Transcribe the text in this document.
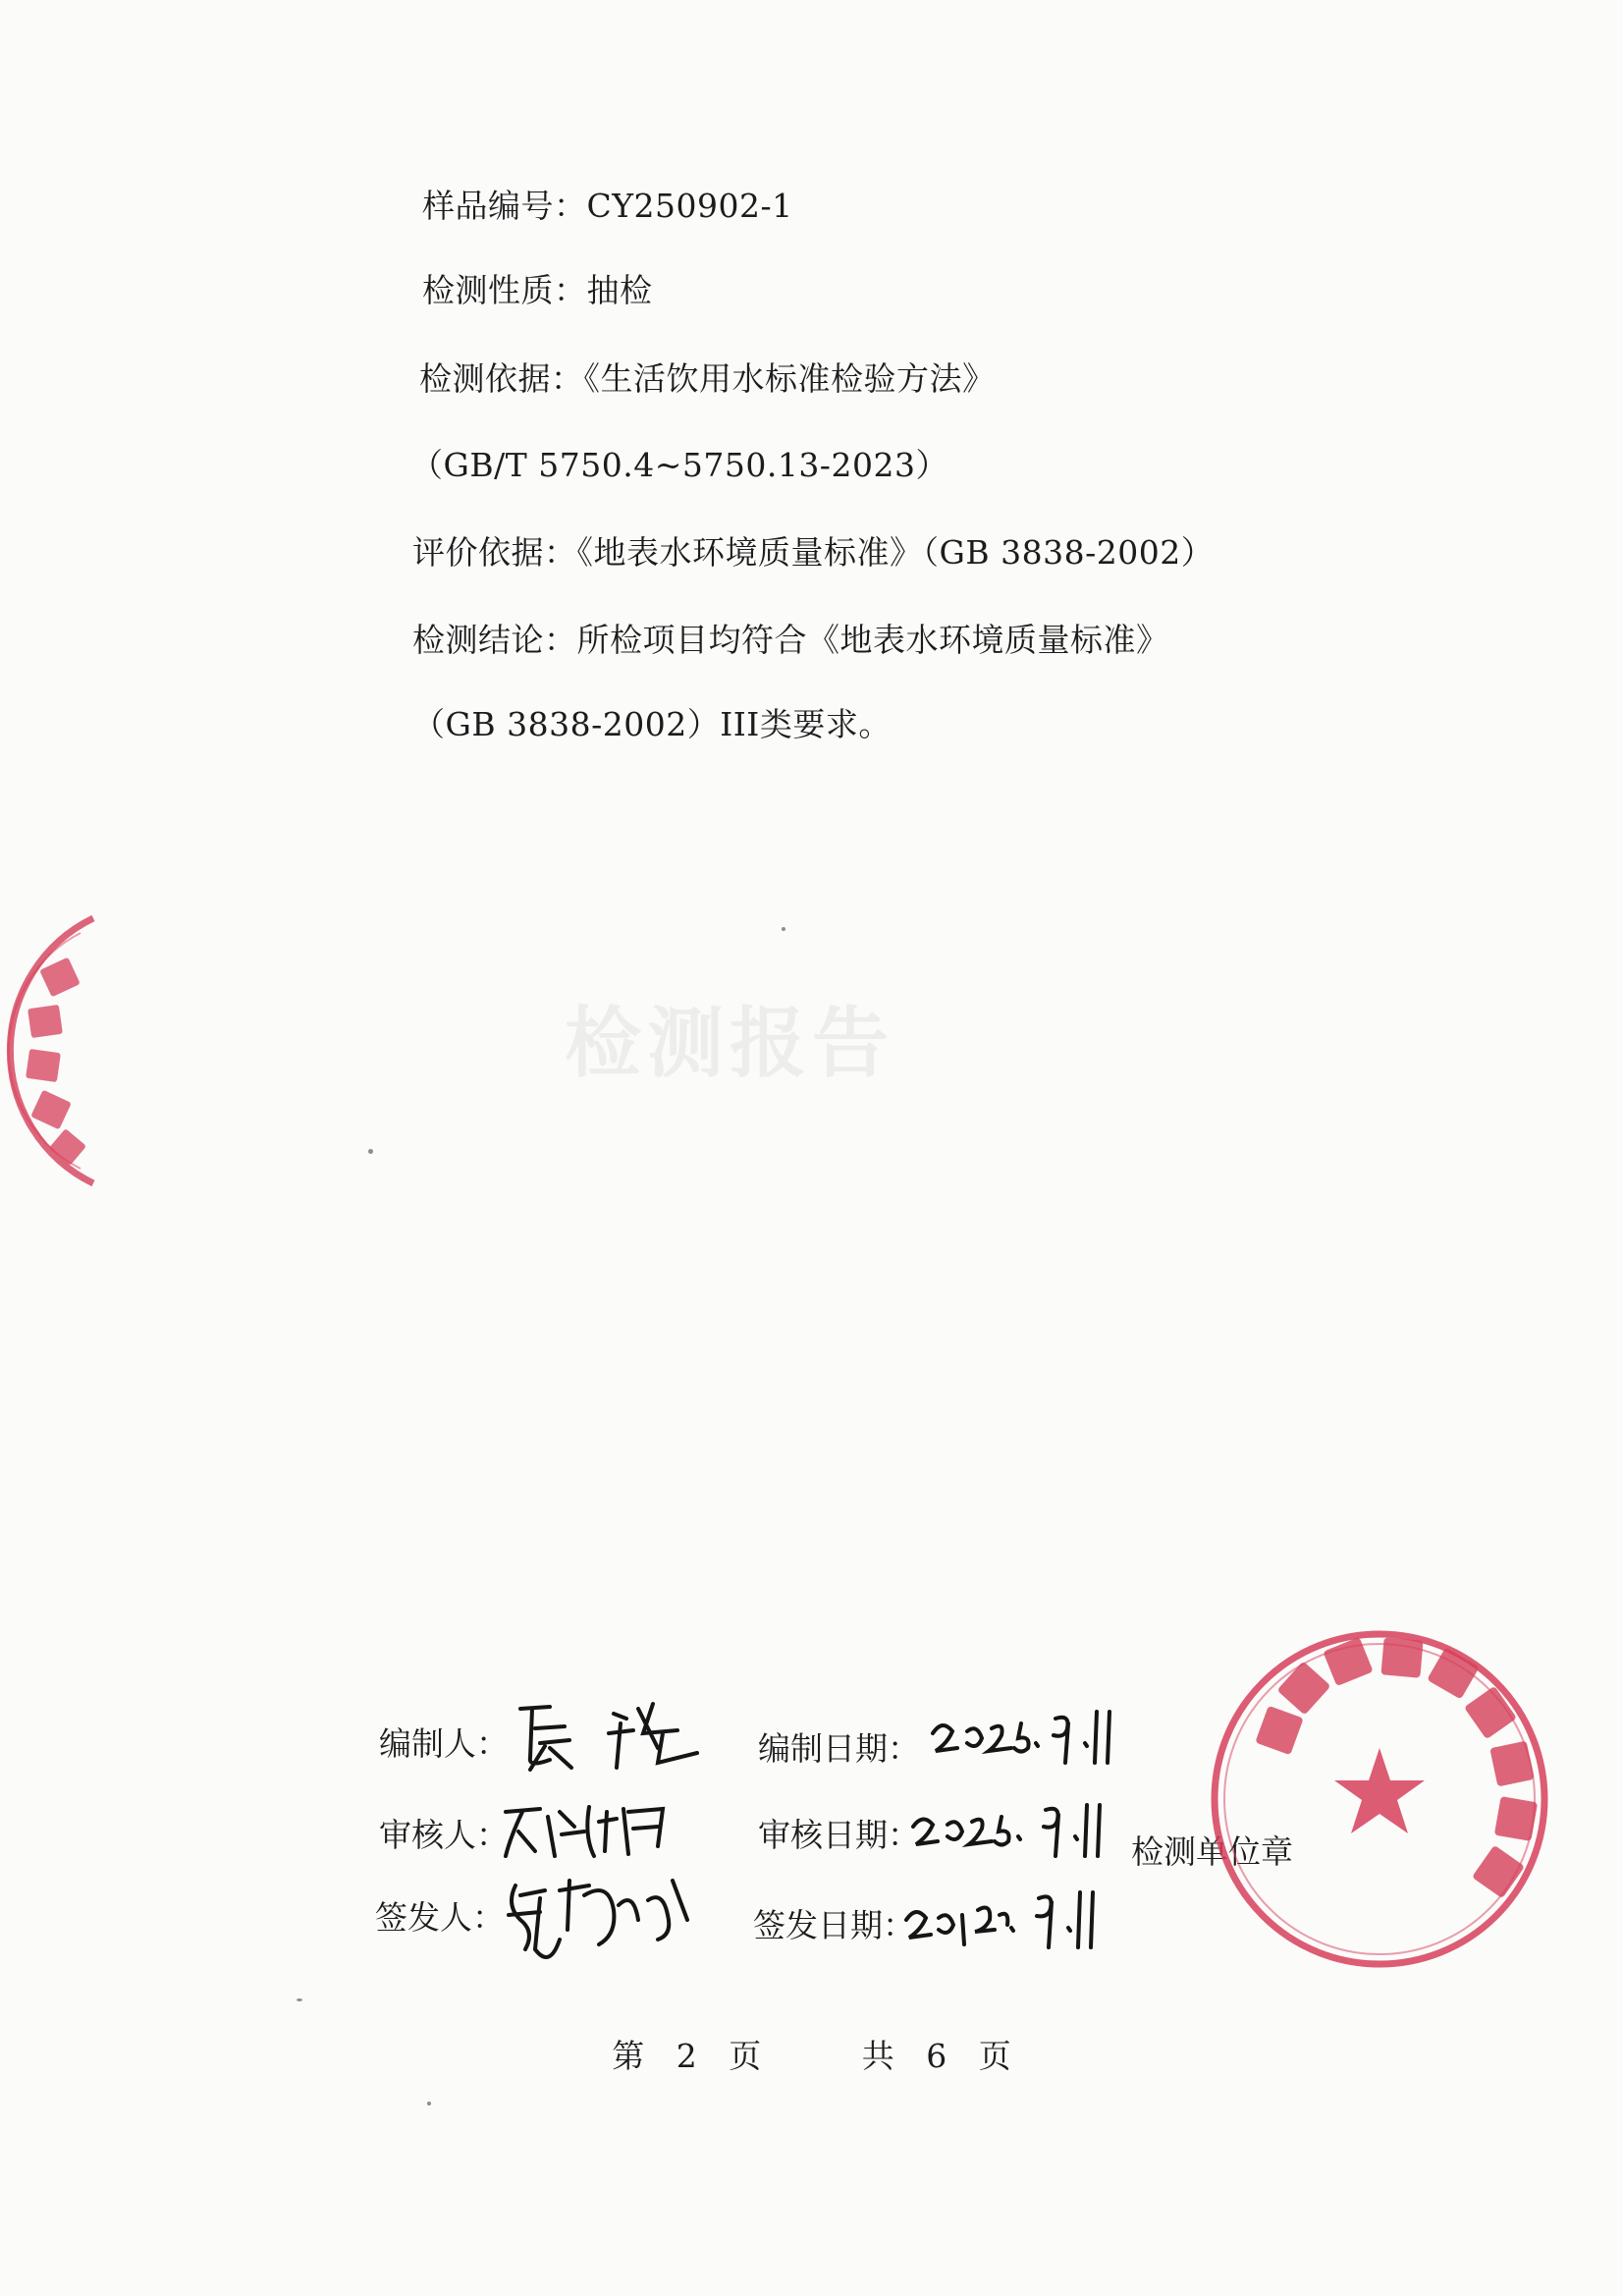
检测报告
样品编号：CY250902-1
检测性质：抽检
检测依据：《生活饮用水标准检验方法》
（GB/T 5750.4~5750.13-2023）
评价依据：《地表水环境质量标准》（GB 3838-2002）
检测结论：所检项目均符合《地表水环境质量标准》
（GB 3838-2002）III类要求。
编制人：	编制日期：
审核人：	审核日期：	检测单位章
签发人：	签发日期：
第 2 页	共 6 页
